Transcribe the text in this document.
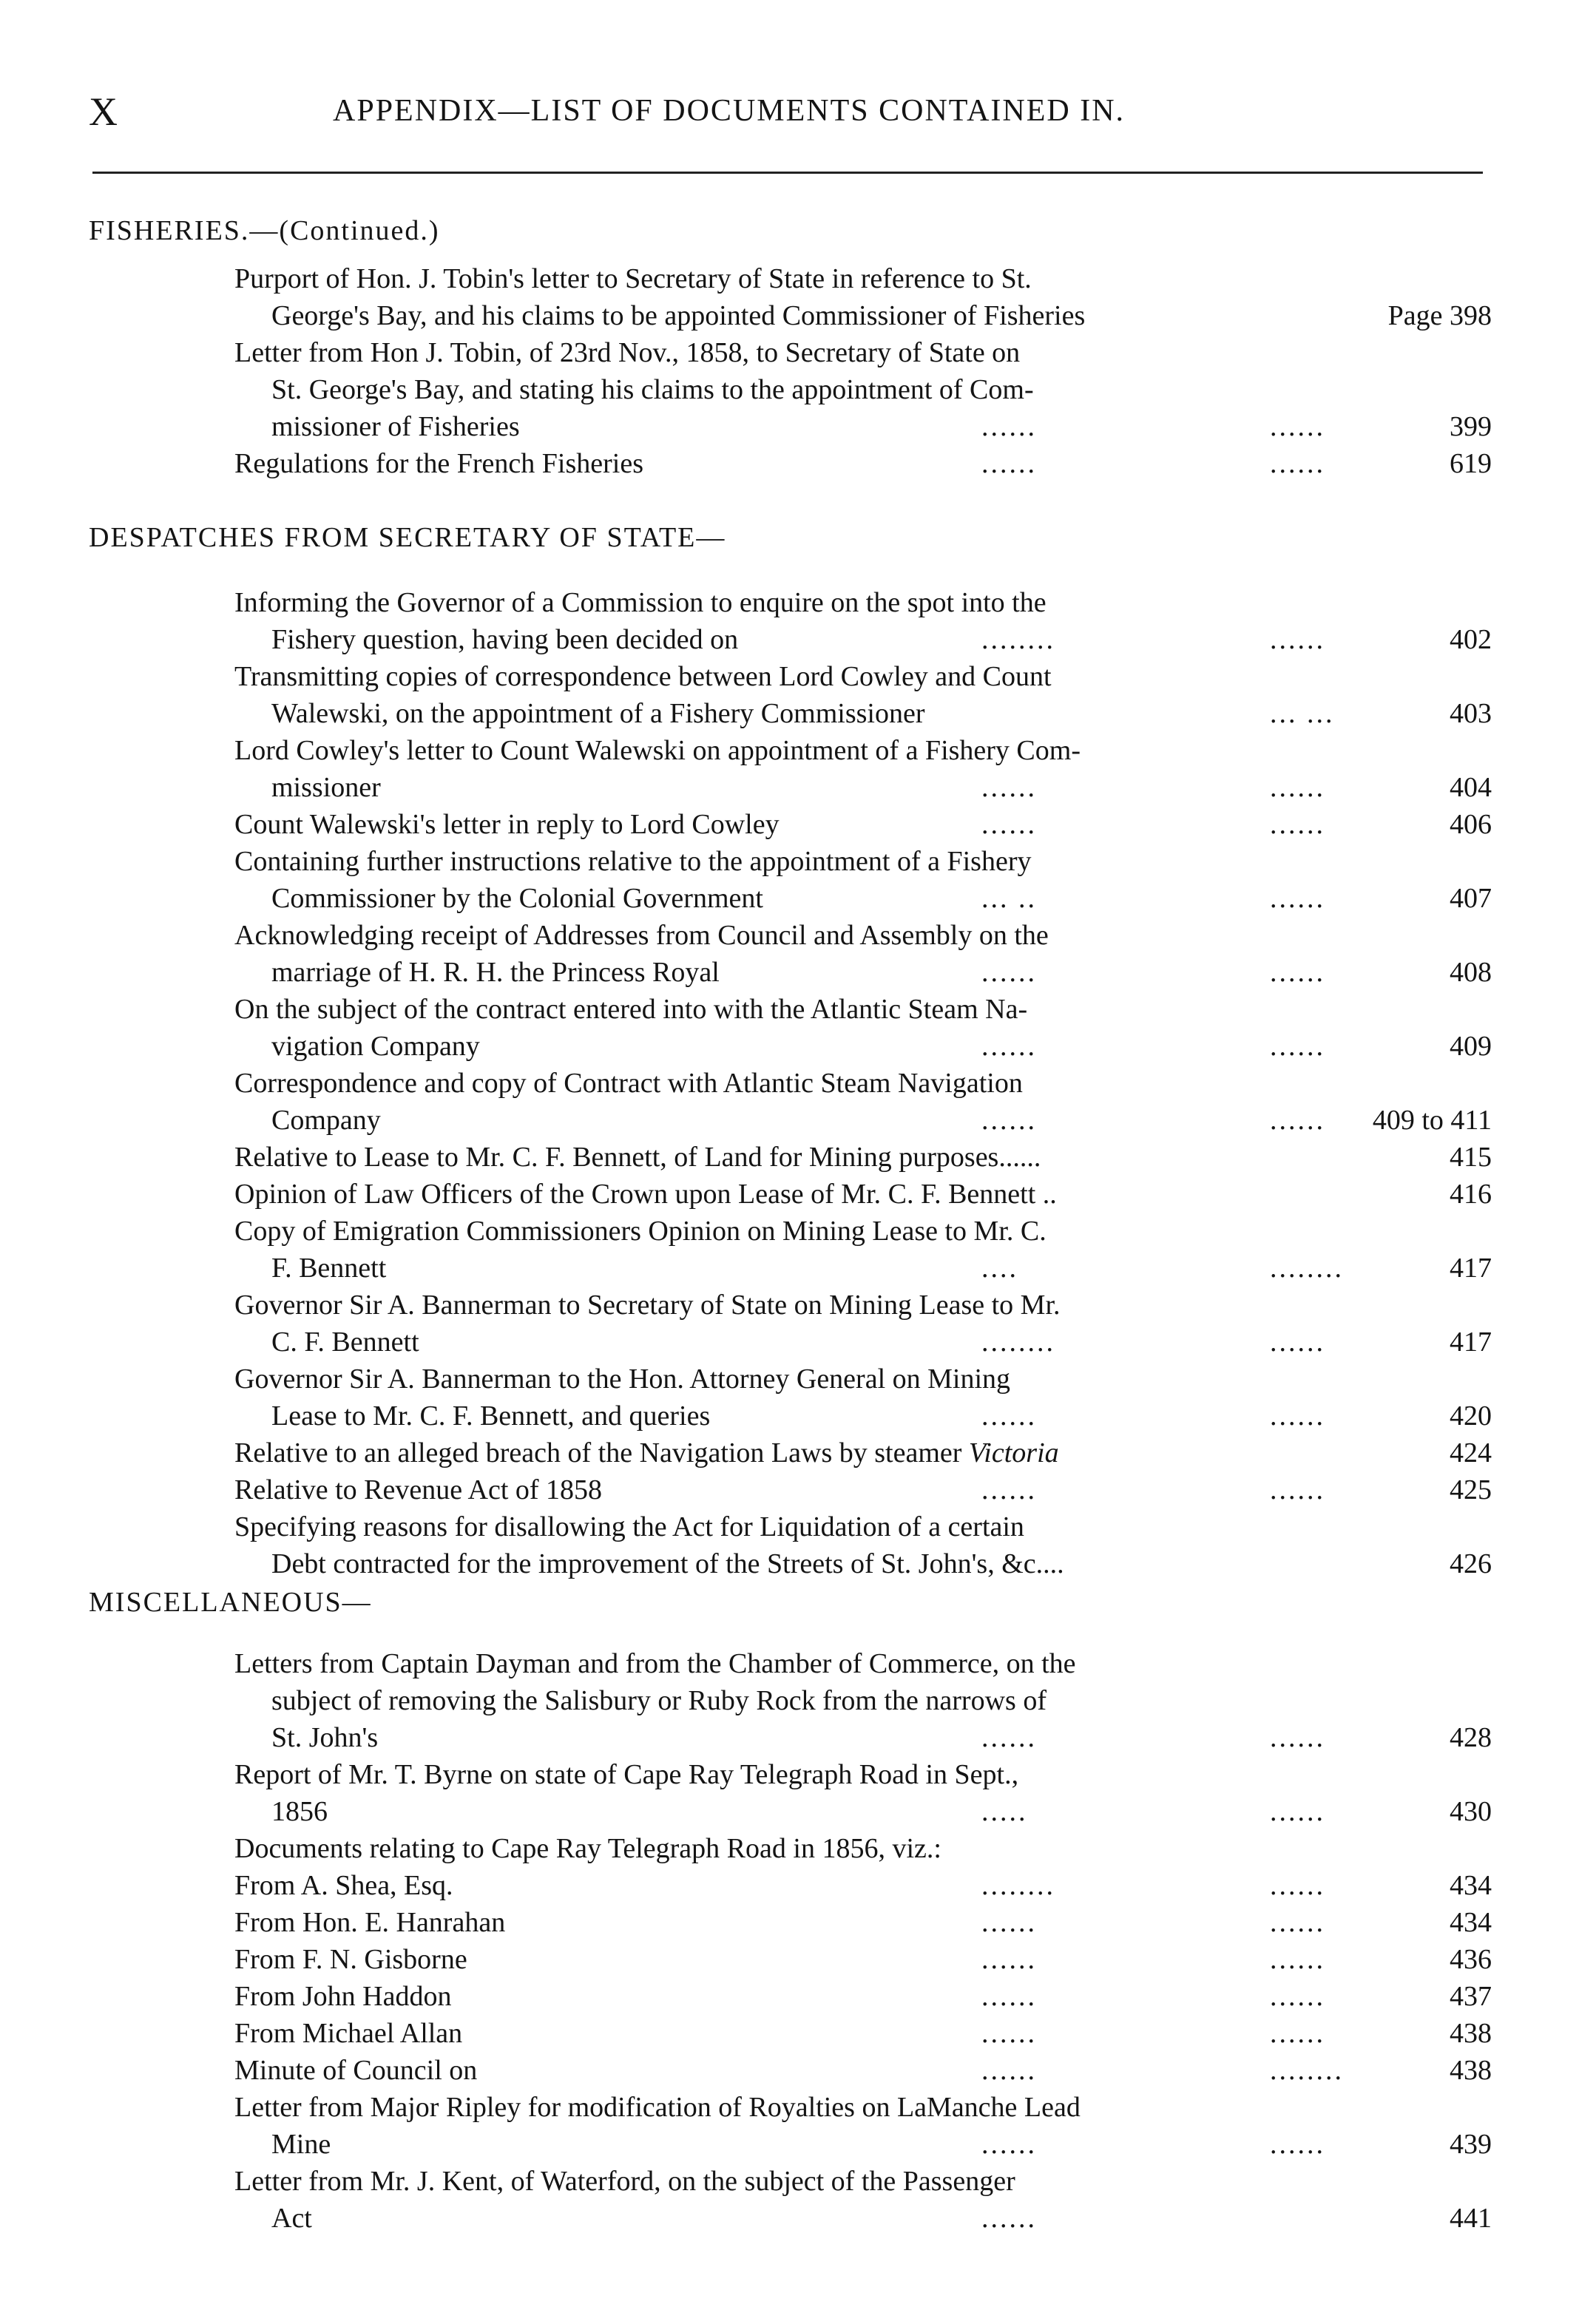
X	APPENDIX—LIST OF DOCUMENTS CONTAINED IN.
FISHERIES.—(Continued.)
Purport of Hon. J. Tobin's letter to Secretary of State in reference to St.
George's Bay, and his claims to be appointed Commissioner of Fisheries	Page 398
Letter from Hon J. Tobin, of 23rd Nov., 1858, to Secretary of State on
St. George's Bay, and stating his claims to the appointment of Com-
missioner of Fisheries	......	......	399
Regulations for the French Fisheries	......	......	619
DESPATCHES FROM SECRETARY OF STATE—
Informing the Governor of a Commission to enquire on the spot into the
Fishery question, having been decided on	........	......	402
Transmitting copies of correspondence between Lord Cowley and Count
Walewski, on the appointment of a Fishery Commissioner	... ...	403
Lord Cowley's letter to Count Walewski on appointment of a Fishery Com-
missioner	......	......	404
Count Walewski's letter in reply to Lord Cowley	......	......	406
Containing further instructions relative to the appointment of a Fishery
Commissioner by the Colonial Government	... ..	......	407
Acknowledging receipt of Addresses from Council and Assembly on the
marriage of H. R. H. the Princess Royal	......	......	408
On the subject of the contract entered into with the Atlantic Steam Na-
vigation Company	......	......	409
Correspondence and copy of Contract with Atlantic Steam Navigation
Company	......	...... 409 to 411
Relative to Lease to Mr. C. F. Bennett, of Land for Mining purposes......	415
Opinion of Law Officers of the Crown upon Lease of Mr. C. F. Bennett ..	416
Copy of Emigration Commissioners Opinion on Mining Lease to Mr. C.
F. Bennett	....	........	417
Governor Sir A. Bannerman to Secretary of State on Mining Lease to Mr.
C. F. Bennett	........	......	417
Governor Sir A. Bannerman to the Hon. Attorney General on Mining
Lease to Mr. C. F. Bennett, and queries	......	......	420
Relative to an alleged breach of the Navigation Laws by steamer Victoria	424
Relative to Revenue Act of 1858	......	......	425
Specifying reasons for disallowing the Act for Liquidation of a certain
Debt contracted for the improvement of the Streets of St. John's, &c....	426
MISCELLANEOUS—
Letters from Captain Dayman and from the Chamber of Commerce, on the
subject of removing the Salisbury or Ruby Rock from the narrows of
St. John's	......	......	428
Report of Mr. T. Byrne on state of Cape Ray Telegraph Road in Sept.,
1856	.....	......	430
Documents relating to Cape Ray Telegraph Road in 1856, viz.:
From A. Shea, Esq.	........	......	434
From Hon. E. Hanrahan	......	......	434
From F. N. Gisborne	......	......	436
From John Haddon	......	......	437
From Michael Allan	......	......	438
Minute of Council on	......	........	438
Letter from Major Ripley for modification of Royalties on LaManche Lead
Mine	......	......	439
Letter from Mr. J. Kent, of Waterford, on the subject of the Passenger
Act	......	441
